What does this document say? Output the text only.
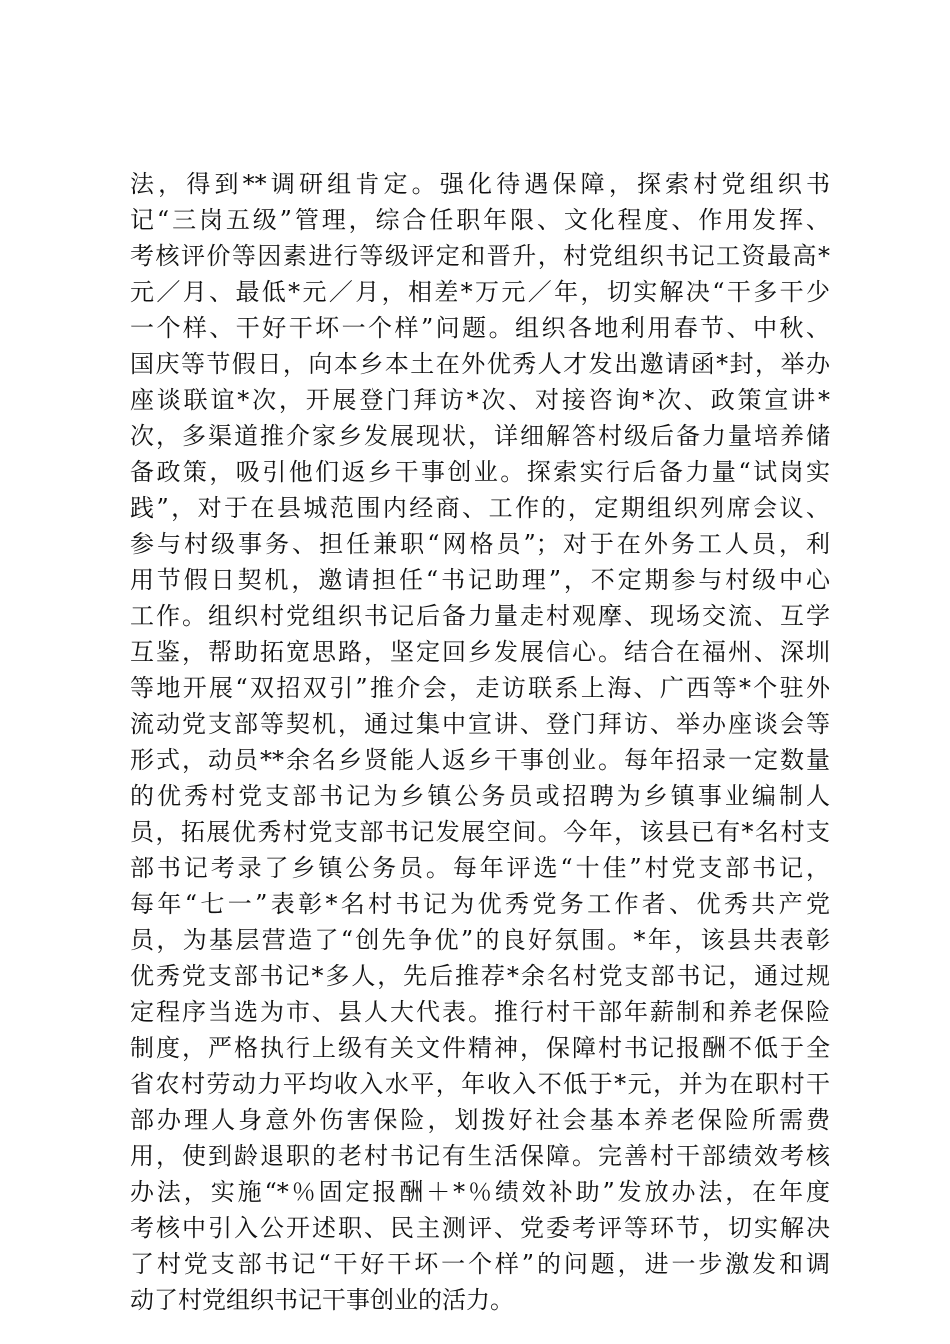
法，得到**调研组肯定。强化待遇保障，探索村党组织书
记“三岗五级”管理，综合任职年限、文化程度、作用发挥、
考核评价等因素进行等级评定和晋升，村党组织书记工资最高*
元／月、最低*元／月，相差*万元／年，切实解决“干多干少
一个样、干好干坏一个样”问题。组织各地利用春节、中秋、
国庆等节假日，向本乡本土在外优秀人才发出邀请函*封，举办
座谈联谊*次，开展登门拜访*次、对接咨询*次、政策宣讲*
次，多渠道推介家乡发展现状，详细解答村级后备力量培养储
备政策，吸引他们返乡干事创业。探索实行后备力量“试岗实
践”，对于在县城范围内经商、工作的，定期组织列席会议、
参与村级事务、担任兼职“网格员”；对于在外务工人员，利
用节假日契机，邀请担任“书记助理”，不定期参与村级中心
工作。组织村党组织书记后备力量走村观摩、现场交流、互学
互鉴，帮助拓宽思路，坚定回乡发展信心。结合在福州、深圳
等地开展“双招双引”推介会，走访联系上海、广西等*个驻外
流动党支部等契机，通过集中宣讲、登门拜访、举办座谈会等
形式，动员**余名乡贤能人返乡干事创业。每年招录一定数量
的优秀村党支部书记为乡镇公务员或招聘为乡镇事业编制人
员，拓展优秀村党支部书记发展空间。今年，该县已有*名村支
部书记考录了乡镇公务员。每年评选“十佳”村党支部书记，
每年“七一”表彰*名村书记为优秀党务工作者、优秀共产党
员，为基层营造了“创先争优”的良好氛围。*年，该县共表彰
优秀党支部书记*多人，先后推荐*余名村党支部书记，通过规
定程序当选为市、县人大代表。推行村干部年薪制和养老保险
制度，严格执行上级有关文件精神，保障村书记报酬不低于全
省农村劳动力平均收入水平，年收入不低于*元，并为在职村干
部办理人身意外伤害保险，划拨好社会基本养老保险所需费
用，使到龄退职的老村书记有生活保障。完善村干部绩效考核
办法，实施“*％固定报酬＋*％绩效补助”发放办法，在年度
考核中引入公开述职、民主测评、党委考评等环节，切实解决
了村党支部书记“干好干坏一个样”的问题，进一步激发和调
动了村党组织书记干事创业的活力。
